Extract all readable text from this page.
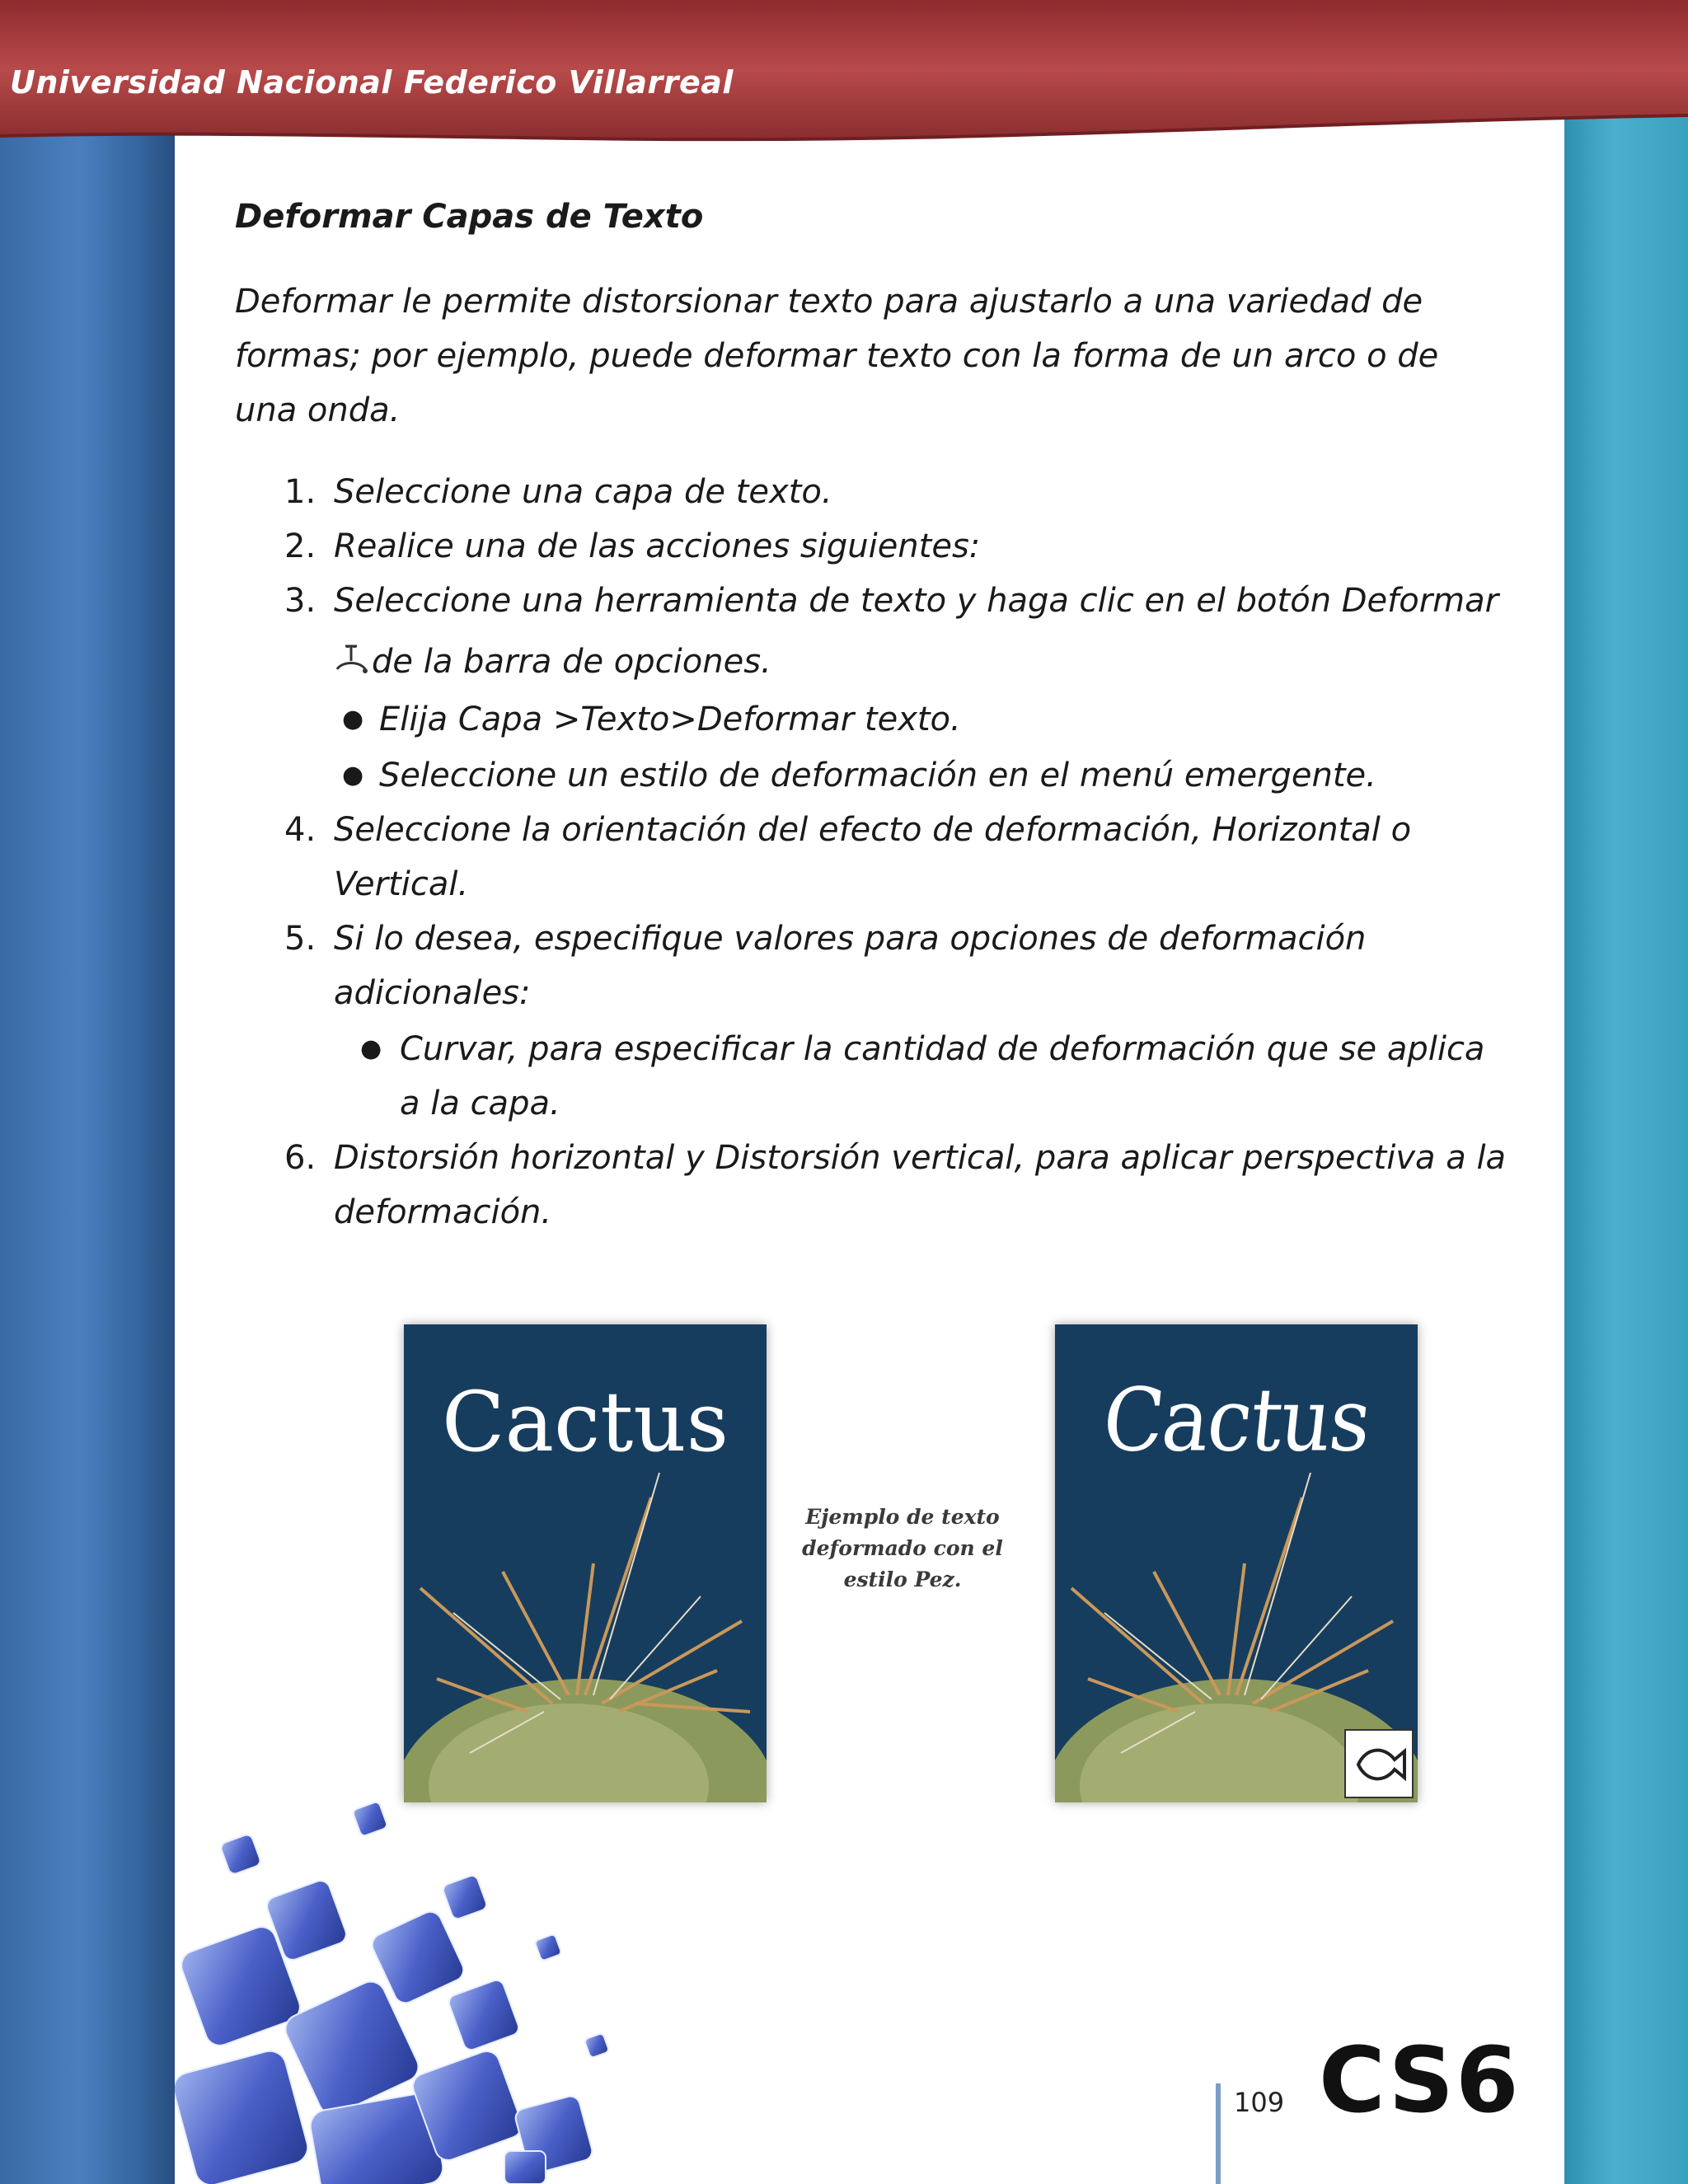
Universidad Nacional Federico Villarreal
Deformar Capas de Texto
Deformar le permite distorsionar texto para ajustarlo a una variedad de formas; por ejemplo, puede deformar texto con la forma de un arco o de una onda.
1. Seleccione una capa de texto.
2. Realice una de las acciones siguientes:
3. Seleccione una herramienta de texto y haga clic en el botón Deformar
de la barra de opciones.
● Elija Capa >Texto>Deformar texto.
● Seleccione un estilo de deformación en el menú emergente.
4. Seleccione la orientación del efecto de deformación, Horizontal o
Vertical.
5. Si lo desea, especifique valores para opciones de deformación
adicionales:
● Curvar, para especificar la cantidad de deformación que se aplica
a la capa.
6. Distorsión horizontal y Distorsión vertical, para aplicar perspectiva a la
deformación.
Cactus
Ejemplo de texto
deformado con el
estilo Pez.
Cactus
109 CS6
